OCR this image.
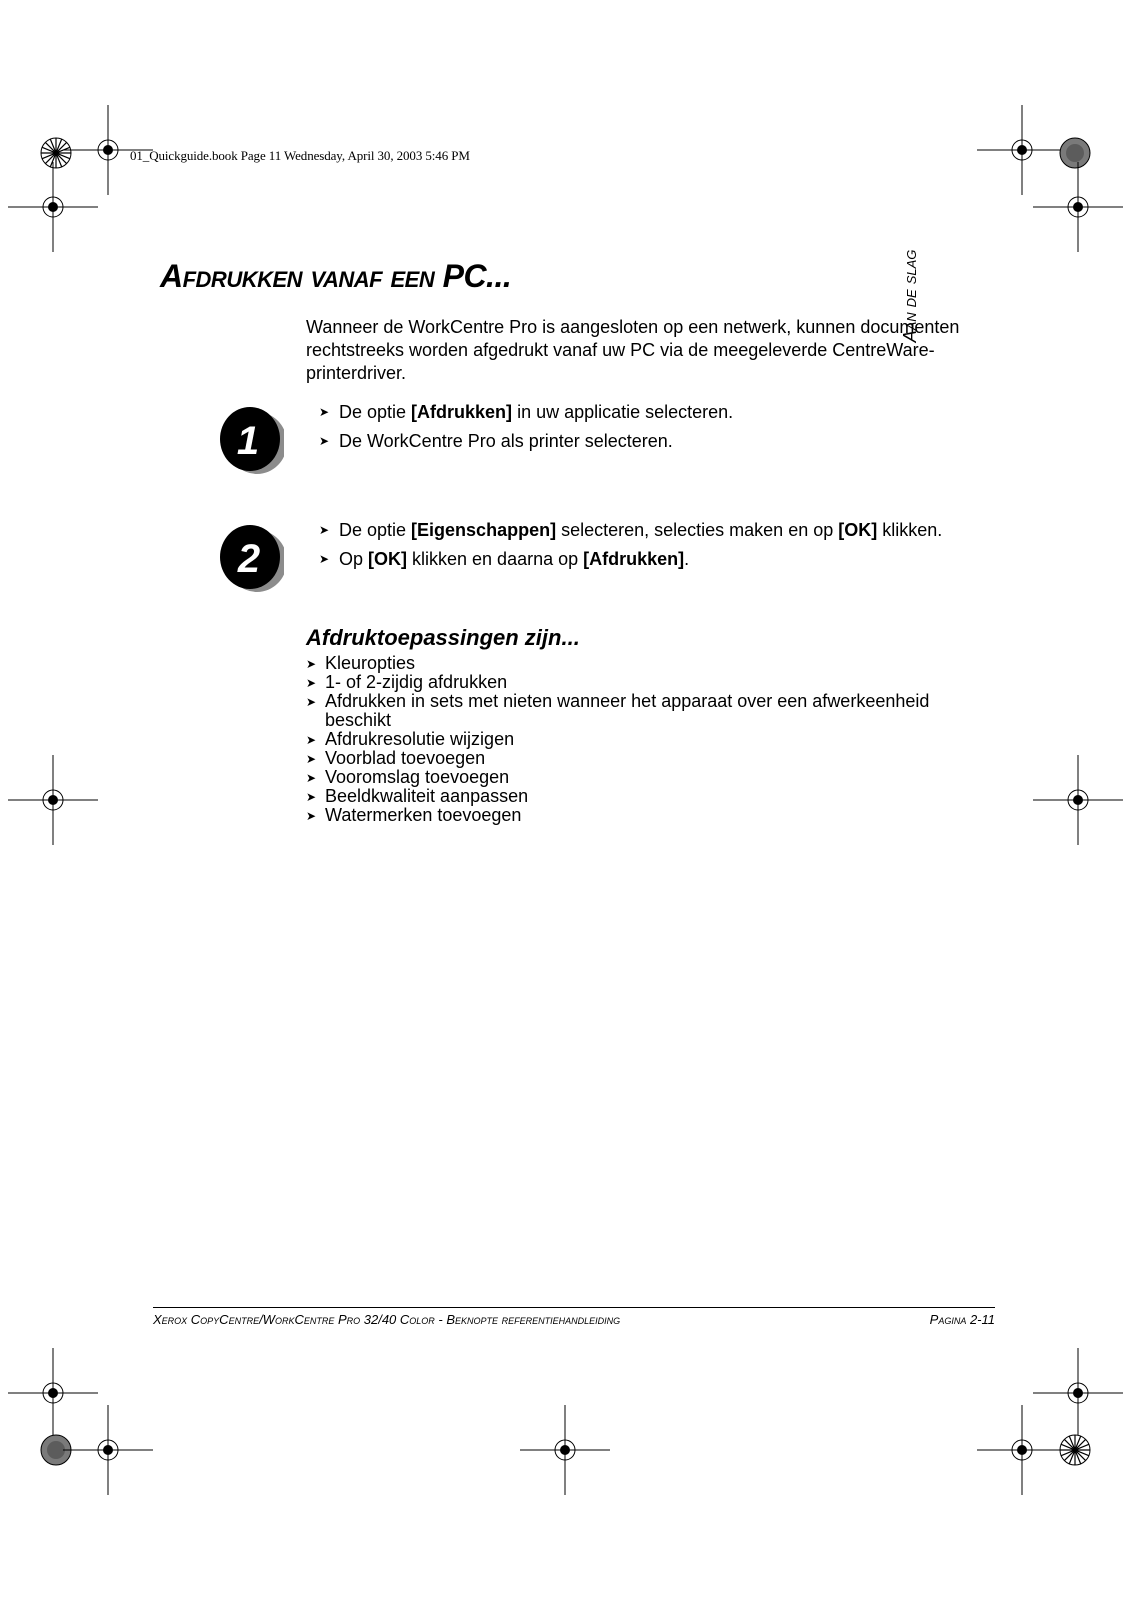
01_Quickguide.book Page 11 Wednesday, April 30, 2003 5:46 PM
Afdrukken vanaf een PC...	Aan de slag
Wanneer de WorkCentre Pro is aangesloten op een netwerk, kunnen documenten rechtstreeks worden afgedrukt vanaf uw PC via de meegeleverde CentreWare-printerdriver.
1
➤ De optie [Afdrukken] in uw applicatie selecteren.
➤ De WorkCentre Pro als printer selecteren.
2
➤ De optie [Eigenschappen] selecteren, selecties maken en op [OK] klikken.
➤ Op [OK] klikken en daarna op [Afdrukken].
Afdruktoepassingen zijn...
➤ Kleuropties
➤ 1- of 2-zijdig afdrukken
➤ Afdrukken in sets met nieten wanneer het apparaat over een afwerkeenheid beschikt
➤ Afdrukresolutie wijzigen
➤ Voorblad toevoegen
➤ Vooromslag toevoegen
➤ Beeldkwaliteit aanpassen
➤ Watermerken toevoegen
Xerox CopyCentre/WorkCentre Pro 32/40 Color - Beknopte referentiehandleiding	Pagina 2-11
